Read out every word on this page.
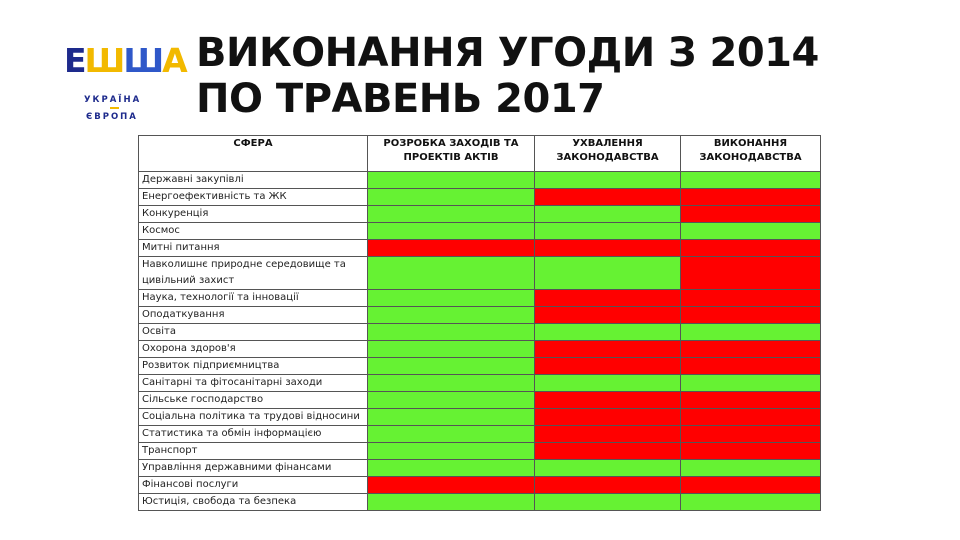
ЕШША
УКРАЇНА
ЄВРОПА
ВИКОНАННЯ УГОДИ З 2014
ПО ТРАВЕНЬ 2017
СФЕРА	РОЗРОБКА ЗАХОДІВ ТА ПРОЕКТІВ АКТІВ	УХВАЛЕННЯ ЗАКОНОДАВСТВА	ВИКОНАННЯ ЗАКОНОДАВСТВА
Державні закупівлі			
Енергоефективність та ЖК			
Конкуренція			
Космос			
Митні питання			
Навколишнє природне середовище та цивільний захист			
Наука, технології та інновації			
Оподаткування			
Освіта			
Охорона здоров'я			
Розвиток підприємництва			
Санітарні та фітосанітарні заходи			
Сільське господарство			
Соціальна політика та трудові відносини			
Статистика та обмін інформацією			
Транспорт			
Управління державними фінансами			
Фінансові послуги			
Юстиція, свобода та безпека			
